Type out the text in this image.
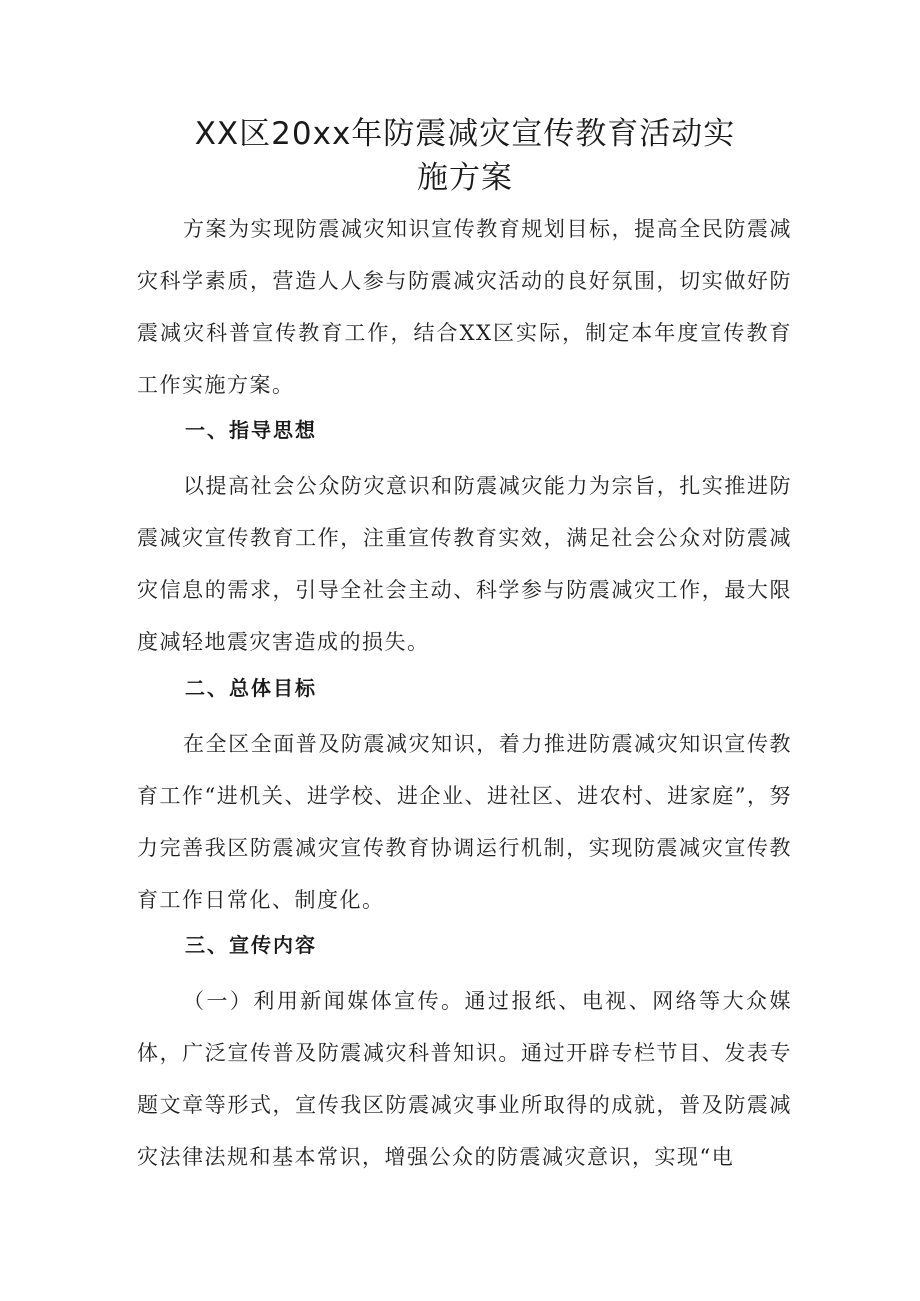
XX区20xx年防震减灾宣传教育活动实
施方案
方案为实现防震减灾知识宣传教育规划目标，提高全民防震减灾科学素质，营造人人参与防震减灾活动的良好氛围，切实做好防震减灾科普宣传教育工作，结合XX区实际，制定本年度宣传教育工作实施方案。
一、指导思想
以提高社会公众防灾意识和防震减灾能力为宗旨，扎实推进防震减灾宣传教育工作，注重宣传教育实效，满足社会公众对防震减灾信息的需求，引导全社会主动、科学参与防震减灾工作，最大限度减轻地震灾害造成的损失。
二、总体目标
在全区全面普及防震减灾知识，着力推进防震减灾知识宣传教育工作“进机关、进学校、进企业、进社区、进农村、进家庭”，努力完善我区防震减灾宣传教育协调运行机制，实现防震减灾宣传教育工作日常化、制度化。
三、宣传内容
（一）利用新闻媒体宣传。通过报纸、电视、网络等大众媒体，广泛宣传普及防震减灾科普知识。通过开辟专栏节目、发表专题文章等形式，宣传我区防震减灾事业所取得的成就，普及防震减灾法律法规和基本常识，增强公众的防震减灾意识，实现“电
